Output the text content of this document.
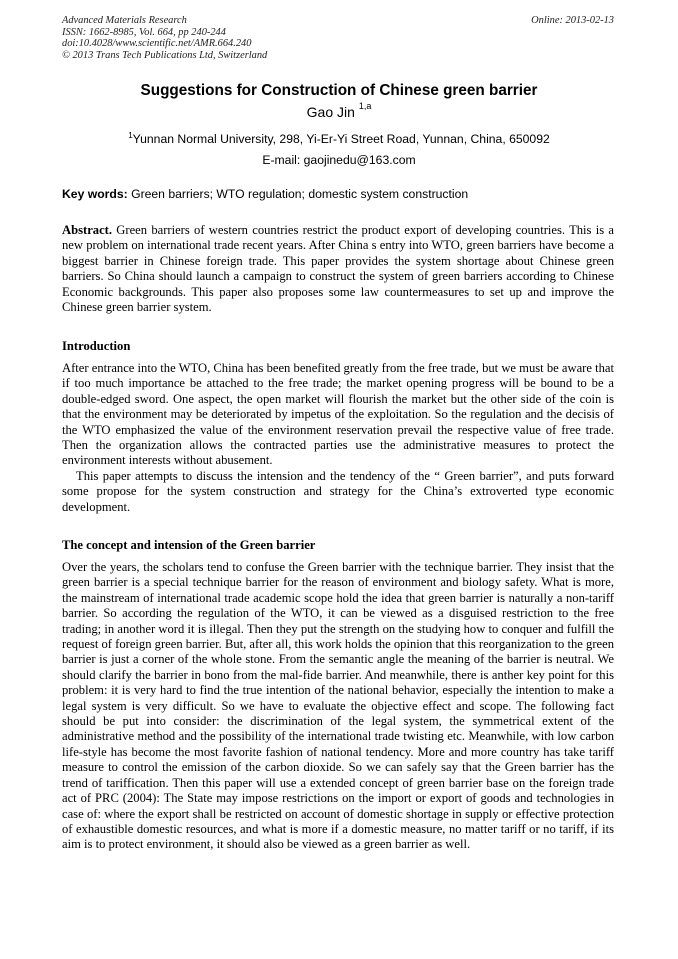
Advanced Materials Research
ISSN: 1662-8985, Vol. 664, pp 240-244
doi:10.4028/www.scientific.net/AMR.664.240
© 2013 Trans Tech Publications Ltd, Switzerland
Online: 2013-02-13
Suggestions for Construction of Chinese green barrier
Gao Jin $^{1,a}$
$^1$Yunnan Normal University, 298, Yi-Er-Yi Street Road, Yunnan, China, 650092
E-mail: gaojinedu@163.com
Key words: Green barriers; WTO regulation; domestic system construction
Abstract. Green barriers of western countries restrict the product export of developing countries. This is a new problem on international trade recent years. After China s entry into WTO, green barriers have become a biggest barrier in Chinese foreign trade. This paper provides the system shortage about Chinese green barriers. So China should launch a campaign to construct the system of green barriers according to Chinese Economic backgrounds. This paper also proposes some law countermeasures to set up and improve the Chinese green barrier system.
Introduction

After entrance into the WTO, China has been benefited greatly from the free trade, but we must be aware that if too much importance be attached to the free trade; the market opening progress will be bound to be a double-edged sword. One aspect, the open market will flourish the market but the other side of the coin is that the environment may be deteriorated by impetus of the exploitation. So the regulation and the decisis of the WTO emphasized the value of the environment reservation prevail the respective value of free trade. Then the organization allows the contracted parties use the administrative measures to protect the environment interests without abusement.

This paper attempts to discuss the intension and the tendency of the “ Green barrier”, and puts forward some propose for the system construction and strategy for the China’s extroverted type economic development.

The concept and intension of the Green barrier

Over the years, the scholars tend to confuse the Green barrier with the technique barrier. They insist that the green barrier is a special technique barrier for the reason of environment and biology safety. What is more, the mainstream of international trade academic scope hold the idea that green barrier is naturally a non-tariff barrier. So according the regulation of the WTO, it can be viewed as a disguised restriction to the free trading; in another word it is illegal. Then they put the strength on the studying how to conquer and fulfill the request of foreign green barrier. But, after all, this work holds the opinion that this reorganization to the green barrier is just a corner of the whole stone. From the semantic angle the meaning of the barrier is neutral. We should clarify the barrier in bono from the mal-fide barrier. And meanwhile, there is anther key point for this problem: it is very hard to find the true intention of the national behavior, especially the intention to make a legal system is very difficult. So we have to evaluate the objective effect and scope. The following fact should be put into consider: the discrimination of the legal system, the symmetrical extent of the administrative method and the possibility of the international trade twisting etc. Meanwhile, with low carbon life-style has become the most favorite fashion of national tendency. More and more country has take tariff measure to control the emission of the carbon dioxide. So we can safely say that the Green barrier has the trend of tariffication. Then this paper will use a extended concept of green barrier base on the foreign trade act of PRC (2004): The State may impose restrictions on the import or export of goods and technologies in case of: where the export shall be restricted on account of domestic shortage in supply or effective protection of exhaustible domestic resources, and what is more if a domestic measure, no matter tariff or no tariff, if its aim is to protect environment, it should also be viewed as a green barrier as well.
